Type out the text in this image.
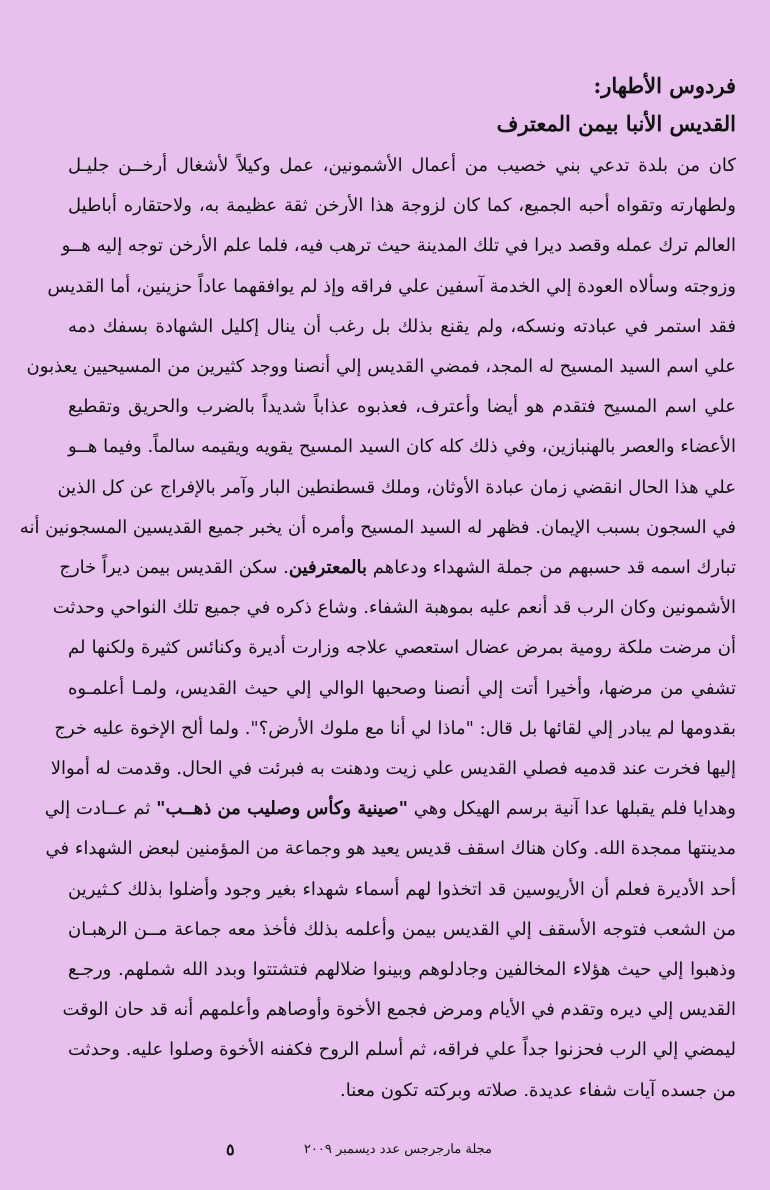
فردوس الأطهار:

القديس الأنبا بيمن المعترف

كان من بلدة تدعي بني خصيب من أعمال الأشمونين، عمل وكيلاً لأشغال أرخــن جليـل

ولطهارته وتقواه أحبه الجميع، كما كان لزوجة هذا الأرخن ثقة عظيمة به، ولاحتقاره أباطيل

العالم ترك عمله وقصد ديرا في تلك المدينة حيث ترهب فيه، فلما علم الأرخن توجه إليه هــو

وزوجته وسألاه العودة إلي الخدمة آسفين علي فراقه وإذ لم يوافقهما عاداً حزينين، أما القديس

فقد استمر في عبادته ونسكه، ولم يقنع بذلك بل رغب أن ينال إكليل الشهادة بسفك دمه

علي اسم السيد المسيح له المجد، فمضي القديس إلي أنصنا ووجد كثيرين من المسيحيين يعذبون

علي اسم المسيح فتقدم هو أيضا وأعترف، فعذبوه عذاباً شديداً بالضرب والحريق وتقطيع

الأعضاء والعصر بالهنبازين، وفي ذلك كله كان السيد المسيح يقويه ويقيمه سالماً. وفيما هــو

علي هذا الحال انقضي زمان عبادة الأوثان، وملك قسطنطين البار وآمر بالإفراج عن كل الذين

في السجون بسبب الإيمان. فظهر له السيد المسيح وأمره أن يخبر جميع القديسين المسجونين أنه

تبارك اسمه قد حسبهم من جملة الشهداء ودعاهم بالمعترفين. سكن القديس بيمن ديراً خارج

الأشمونين وكان الرب قد أنعم عليه بموهبة الشفاء. وشاع ذكره في جميع تلك النواحي وحدثت

أن مرضت ملكة رومية بمرض عضال استعصي علاجه وزارت أديرة وكنائس كثيرة ولكنها لم

تشفي من مرضها، وأخيرا أتت إلي أنصنا وصحبها الوالي إلي حيث القديس، ولمـا أعلمـوه

بقدومها لم يبادر إلي لقائها بل قال: "ماذا لي أنا مع ملوك الأرض؟". ولما ألح الإخوة عليه خرج

إليها فخرت عند قدميه فصلي القديس علي زيت ودهنت به فبرئت في الحال. وقدمت له أموالا

وهدايا فلم يقبلها عدا آنية برسم الهيكل وهي "صينية وكأس وصليب من ذهــب" ثم عــادت إلي

مدينتها ممجدة الله. وكان هناك اسقف قديس يعيد هو وجماعة من المؤمنين لبعض الشهداء في

أحد الأديرة فعلم أن الأريوسين قد اتخذوا لهم أسماء شهداء بغير وجود وأضلوا بذلك كـثيرين

من الشعب فتوجه الأسقف إلي القديس بيمن وأعلمه بذلك فأخذ معه جماعة مــن الرهبـان

وذهبوا إلي حيث هؤلاء المخالفين وجادلوهم وبينوا ضلالهم فتشتتوا وبدد الله شملهم. ورجـع

القديس إلي ديره وتقدم في الأيام ومرض فجمع الأخوة وأوصاهم وأعلمهم أنه قد حان الوقت

ليمضي إلي الرب فحزنوا جداً علي فراقه، ثم أسلم الروح فكفنه الأخوة وصلوا عليه. وحدثت

من جسده آيات شفاء عديدة. صلاته وبركته تكون معنا.

مجلة مارجرجس عدد ديسمبر ٢٠٠٩
٥
